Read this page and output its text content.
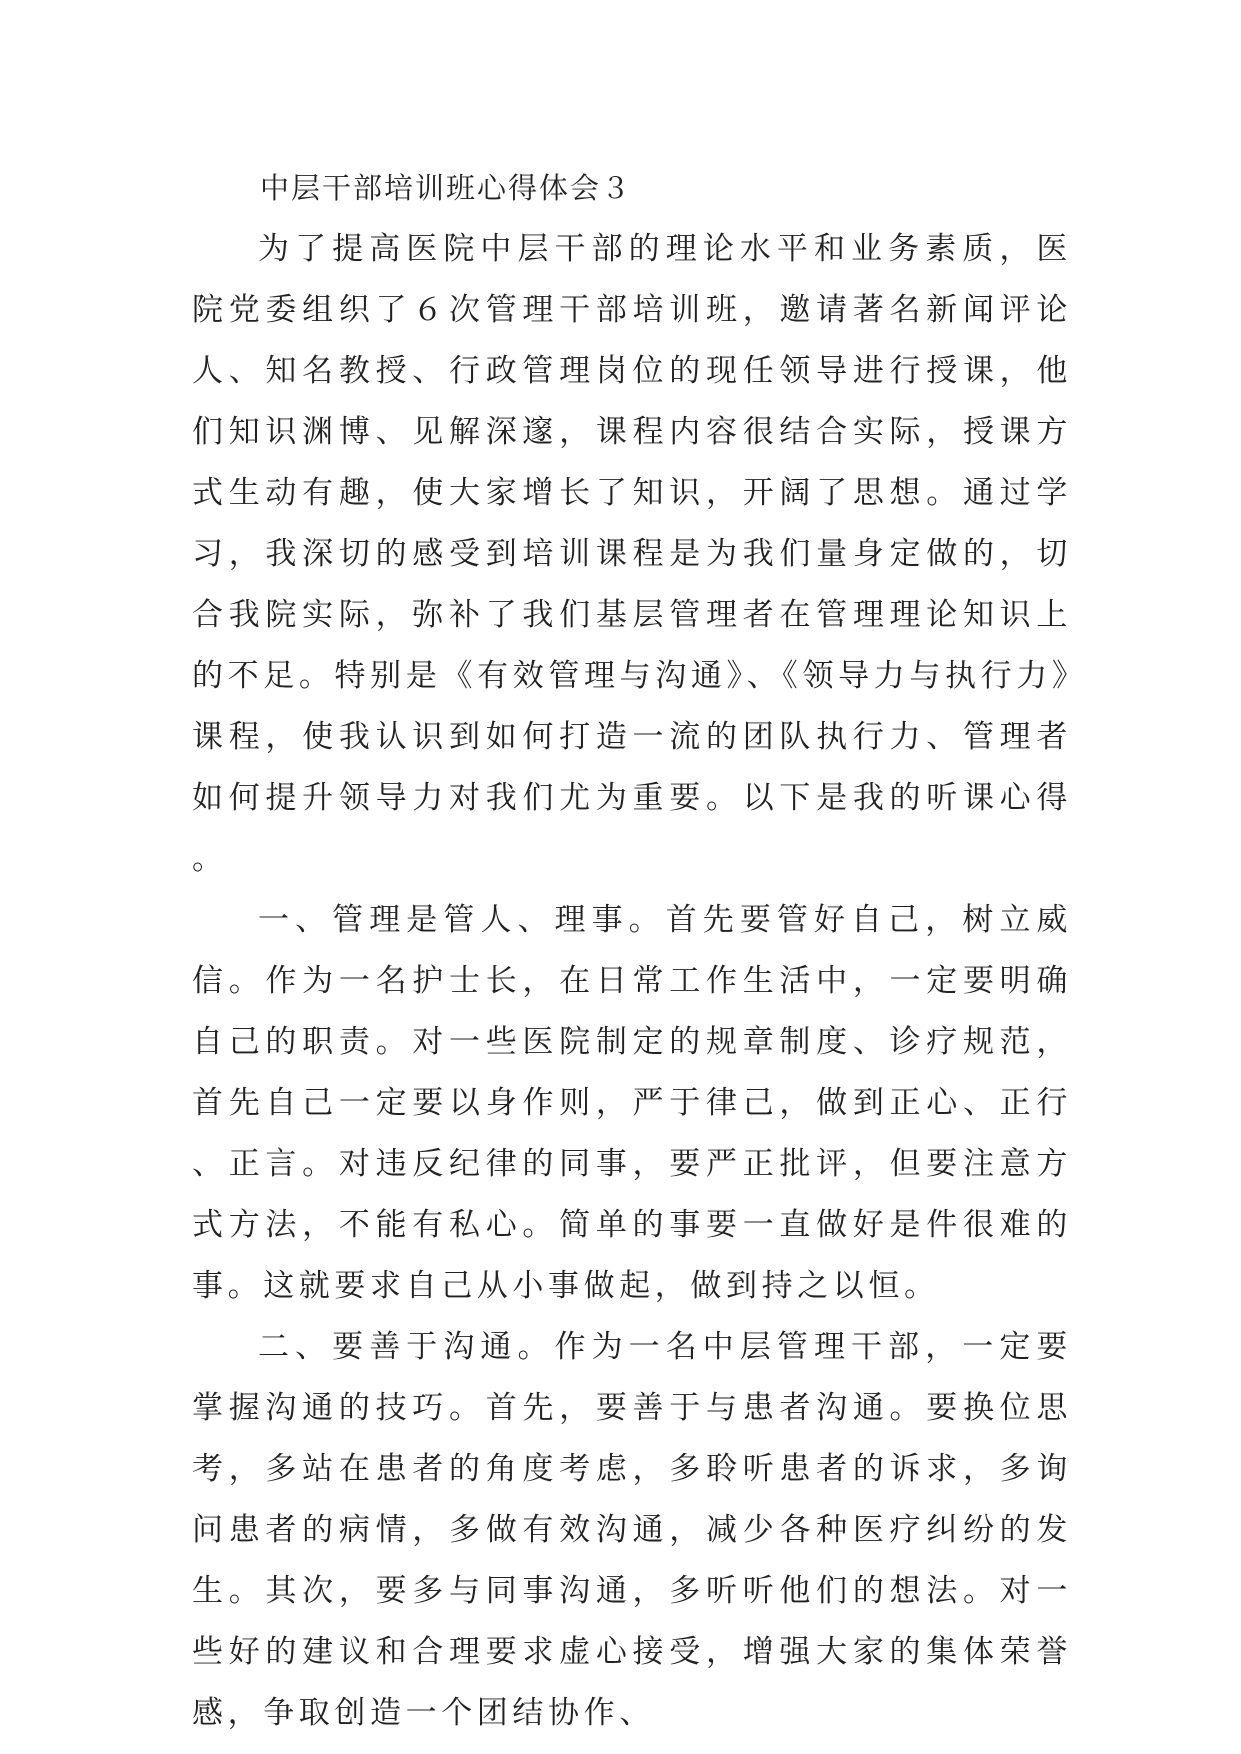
中层干部培训班心得体会３

为了提高医院中层干部的理论水平和业务素质，医院党委组织了６次管理干部培训班，邀请著名新闻评论人、知名教授、行政管理岗位的现任领导进行授课，他们知识渊博、见解深邃，课程内容很结合实际，授课方式生动有趣，使大家增长了知识，开阔了思想。通过学习，我深切的感受到培训课程是为我们量身定做的，切合我院实际，弥补了我们基层管理者在管理理论知识上的不足。特别是《有效管理与沟通》、《领导力与执行力》课程，使我认识到如何打造一流的团队执行力、管理者如何提升领导力对我们尤为重要。以下是我的听课心得。

一、管理是管人、理事。首先要管好自己，树立威信。作为一名护士长，在日常工作生活中，一定要明确自己的职责。对一些医院制定的规章制度、诊疗规范，首先自己一定要以身作则，严于律己，做到正心、正行、正言。对违反纪律的同事，要严正批评，但要注意方式方法，不能有私心。简单的事要一直做好是件很难的事。这就要求自己从小事做起，做到持之以恒。

二、要善于沟通。作为一名中层管理干部，一定要掌握沟通的技巧。首先，要善于与患者沟通。要换位思考，多站在患者的角度考虑，多聆听患者的诉求，多询问患者的病情，多做有效沟通，减少各种医疗纠纷的发生。其次，要多与同事沟通，多听听他们的想法。对一些好的建议和合理要求虚心接受，增强大家的集体荣誉感，争取创造一个团结协作、
